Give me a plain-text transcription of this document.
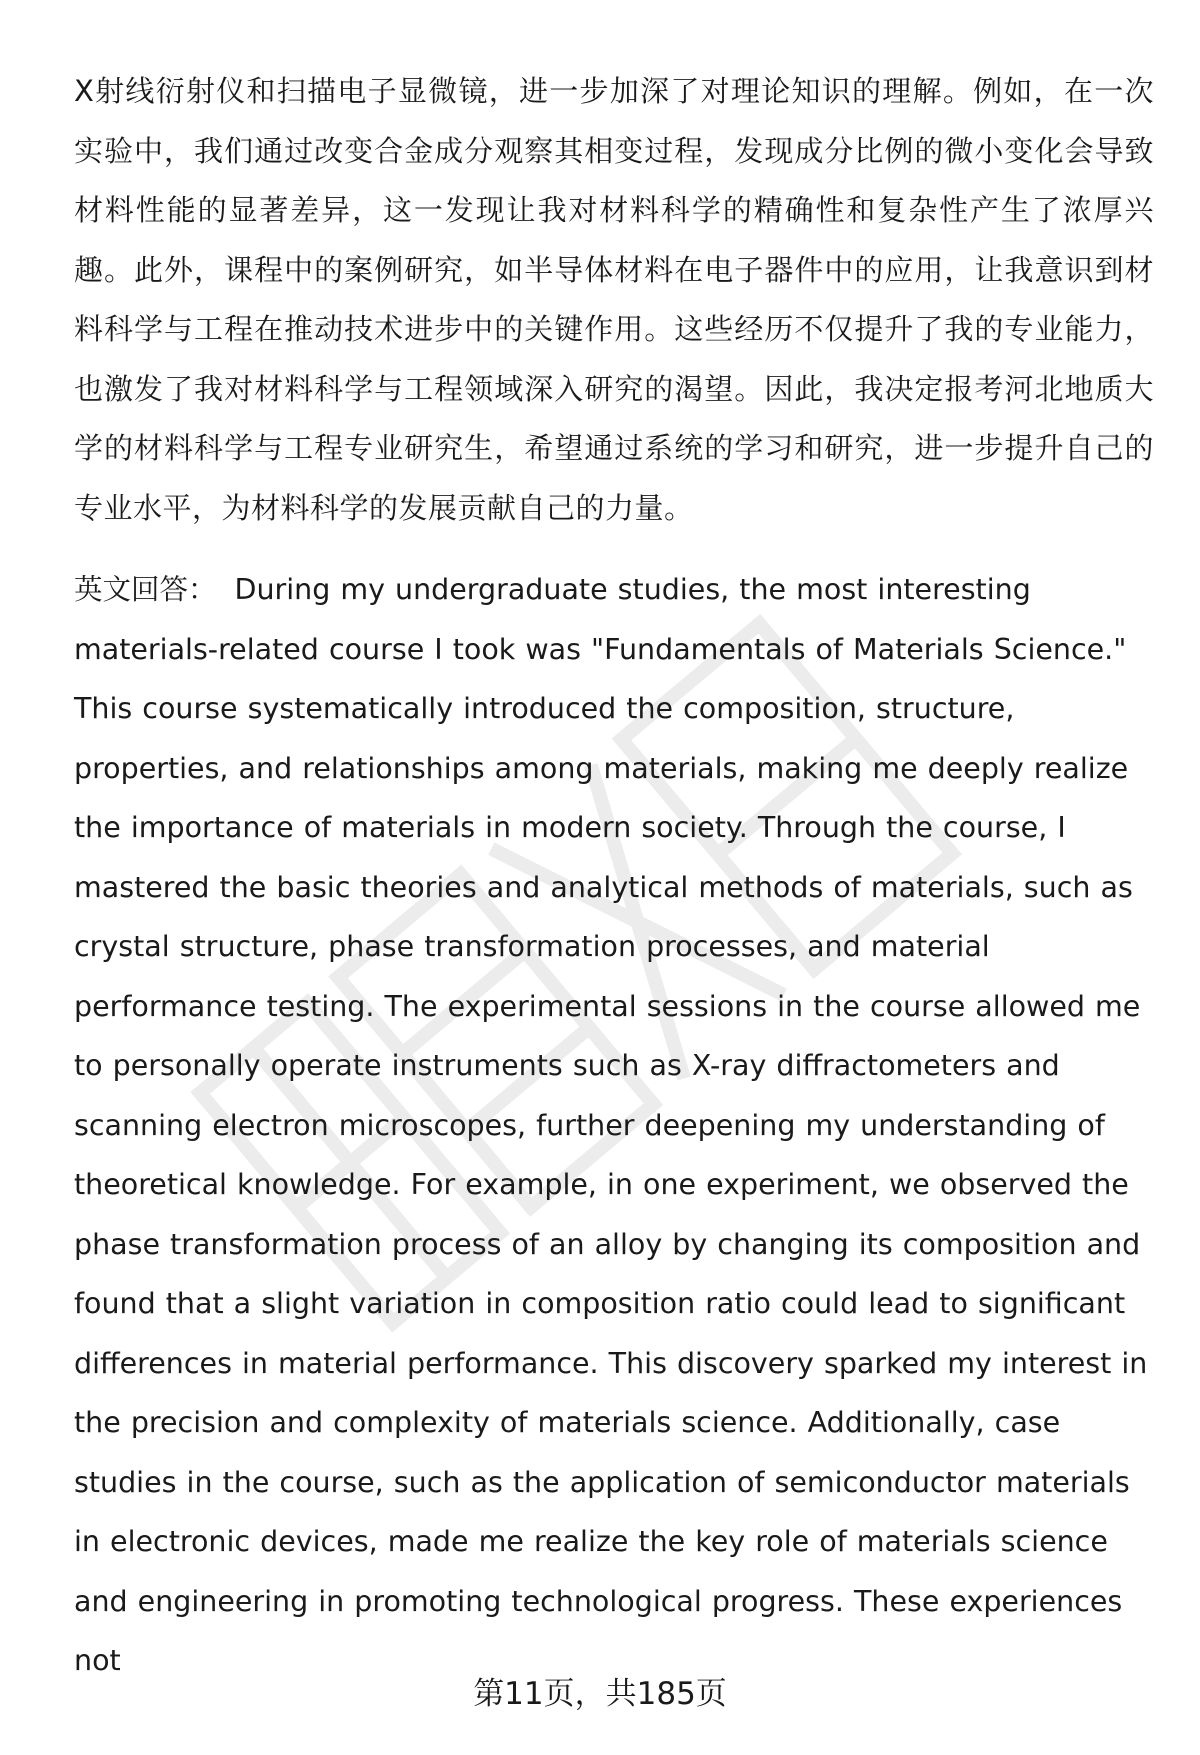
X射线衍射仪和扫描电子显微镜，进一步加深了对理论知识的理解。例如，在一次实验中，我们通过改变合金成分观察其相变过程，发现成分比例的微小变化会导致材料性能的显著差异，这一发现让我对材料科学的精确性和复杂性产生了浓厚兴趣。此外，课程中的案例研究，如半导体材料在电子器件中的应用，让我意识到材料科学与工程在推动技术进步中的关键作用。这些经历不仅提升了我的专业能力，也激发了我对材料科学与工程领域深入研究的渴望。因此，我决定报考河北地质大学的材料科学与工程专业研究生，希望通过系统的学习和研究，进一步提升自己的专业水平，为材料科学的发展贡献自己的力量。

英文回答： During my undergraduate studies, the most interesting materials-related course I took was "Fundamentals of Materials Science." This course systematically introduced the composition, structure, properties, and relationships among materials, making me deeply realize the importance of materials in modern society. Through the course, I mastered the basic theories and analytical methods of materials, such as crystal structure, phase transformation processes, and material performance testing. The experimental sessions in the course allowed me to personally operate instruments such as X-ray diffractometers and scanning electron microscopes, further deepening my understanding of theoretical knowledge. For example, in one experiment, we observed the phase transformation process of an alloy by changing its composition and found that a slight variation in composition ratio could lead to significant differences in material performance. This discovery sparked my interest in the precision and complexity of materials science. Additionally, case studies in the course, such as the application of semiconductor materials in electronic devices, made me realize the key role of materials science and engineering in promoting technological progress. These experiences not

第11页，共185页
